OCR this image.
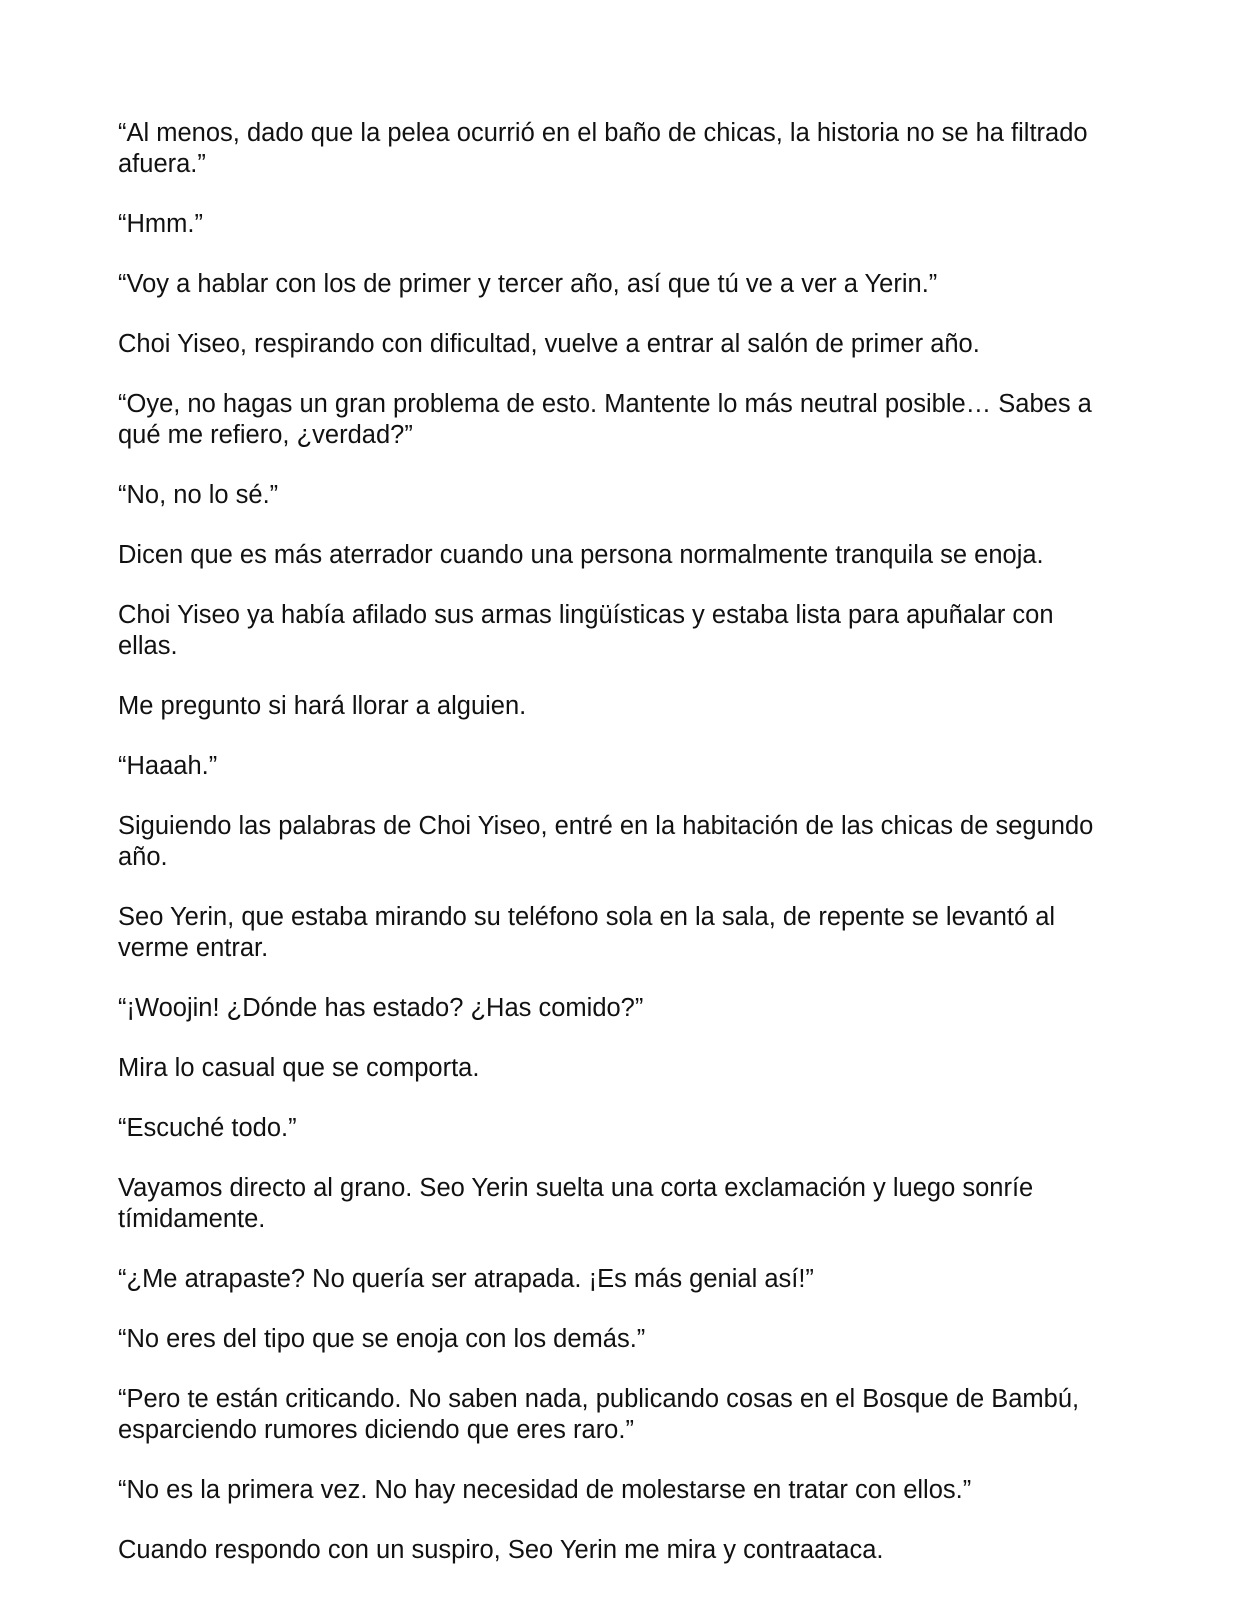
“Al menos, dado que la pelea ocurrió en el baño de chicas, la historia no se ha filtrado afuera.”

“Hmm.”

“Voy a hablar con los de primer y tercer año, así que tú ve a ver a Yerin.”

Choi Yiseo, respirando con dificultad, vuelve a entrar al salón de primer año.

“Oye, no hagas un gran problema de esto. Mantente lo más neutral posible… Sabes a qué me refiero, ¿verdad?”

“No, no lo sé.”

Dicen que es más aterrador cuando una persona normalmente tranquila se enoja.

Choi Yiseo ya había afilado sus armas lingüísticas y estaba lista para apuñalar con ellas.

Me pregunto si hará llorar a alguien.

“Haaah.”

Siguiendo las palabras de Choi Yiseo, entré en la habitación de las chicas de segundo año.

Seo Yerin, que estaba mirando su teléfono sola en la sala, de repente se levantó al verme entrar.

“¡Woojin! ¿Dónde has estado? ¿Has comido?”

Mira lo casual que se comporta.

“Escuché todo.”

Vayamos directo al grano. Seo Yerin suelta una corta exclamación y luego sonríe tímidamente.

“¿Me atrapaste? No quería ser atrapada. ¡Es más genial así!”

“No eres del tipo que se enoja con los demás.”

“Pero te están criticando. No saben nada, publicando cosas en el Bosque de Bambú, esparciendo rumores diciendo que eres raro.”

“No es la primera vez. No hay necesidad de molestarse en tratar con ellos.”

Cuando respondo con un suspiro, Seo Yerin me mira y contraataca.
